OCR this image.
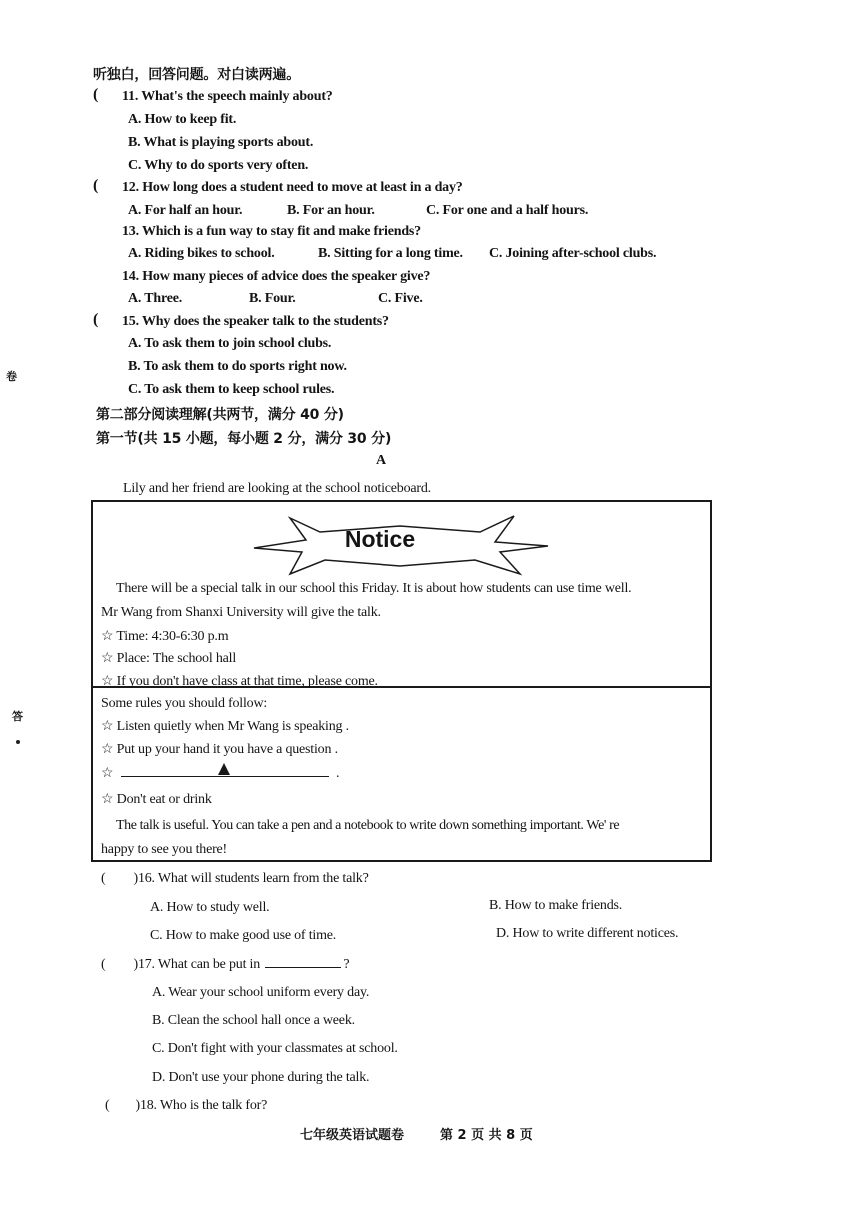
听独白，回答问题。对白读两遍。
( 11. What's the speech mainly about?
A. How to keep fit.
B. What is playing sports about.
C. Why to do sports very often.
( 12. How long does a student need to move at least in a day?
A. For half an hour.	B. For an hour.	C. For one and a half hours.
13. Which is a fun way to stay fit and make friends?
A. Riding bikes to school.	B. Sitting for a long time. C. Joining after-school clubs.
14. How many pieces of advice does the speaker give?
A. Three.	B. Four.	C. Five.
( 15. Why does the speaker talk to the students?
A. To ask them to join school clubs.
B. To ask them to do sports right now.
C. To ask them to keep school rules.
卷
答
第二部分阅读理解(共两节，满分 40 分)
第一节(共 15 小题，每小题 2 分，满分 30 分)
A
Lily and her friend are looking at the school noticeboard.
Notice
There will be a special talk in our school this Friday. It is about how students can use time well.
Mr Wang from Shanxi University will give the talk.
☆ Time: 4:30-6:30 p.m
☆ Place: The school hall
☆ If you don't have class at that time, please come.
Some rules you should follow:
☆ Listen quietly when Mr Wang is speaking .
☆ Put up your hand it you have a question .
☆	.
☆ Don't eat or drink
The talk is useful. You can take a pen and a notebook to write down something important. We' re
happy to see you there!
( )16. What will students learn from the talk?
A. How to study well.	B. How to make friends.
C. How to make good use of time.	D. How to write different notices.
( )17. What can be put in	?
A. Wear your school uniform every day.
B. Clean the school hall once a week.
C. Don't fight with your classmates at school.
D. Don't use your phone during the talk.
( )18. Who is the talk for?
七年级英语试题卷	第 2 页 共 8 页
